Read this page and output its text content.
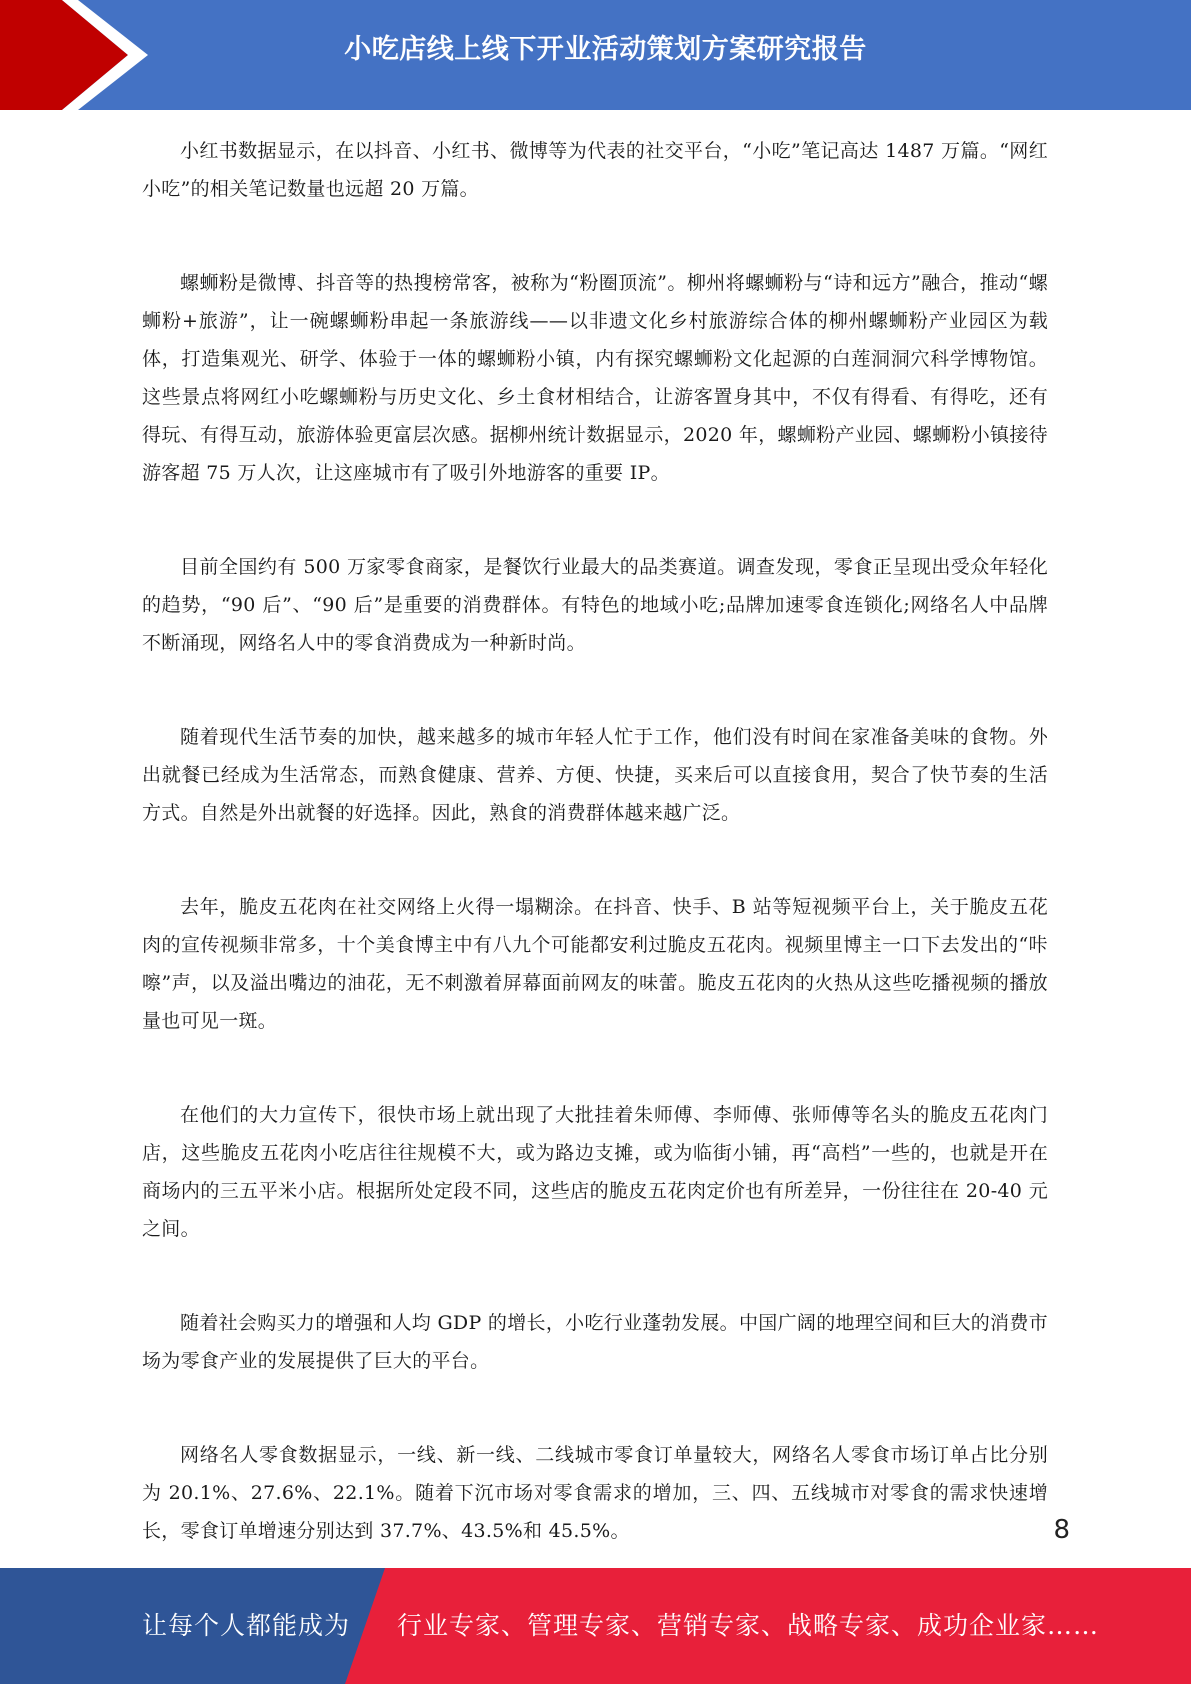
小吃店线上线下开业活动策划方案研究报告

小红书数据显示，在以抖音、小红书、微博等为代表的社交平台，“小吃”笔记高达 1487 万篇。“网红小吃”的相关笔记数量也远超 20 万篇。

螺蛳粉是微博、抖音等的热搜榜常客，被称为“粉圈顶流”。柳州将螺蛳粉与“诗和远方”融合，推动“螺蛳粉+旅游”，让一碗螺蛳粉串起一条旅游线——以非遗文化乡村旅游综合体的柳州螺蛳粉产业园区为载体，打造集观光、研学、体验于一体的螺蛳粉小镇，内有探究螺蛳粉文化起源的白莲洞洞穴科学博物馆。这些景点将网红小吃螺蛳粉与历史文化、乡土食材相结合，让游客置身其中，不仅有得看、有得吃，还有得玩、有得互动，旅游体验更富层次感。据柳州统计数据显示，2020 年，螺蛳粉产业园、螺蛳粉小镇接待游客超 75 万人次，让这座城市有了吸引外地游客的重要 IP。

目前全国约有 500 万家零食商家，是餐饮行业最大的品类赛道。调查发现，零食正呈现出受众年轻化的趋势，“90 后”、“90 后”是重要的消费群体。有特色的地域小吃;品牌加速零食连锁化;网络名人中品牌不断涌现，网络名人中的零食消费成为一种新时尚。

随着现代生活节奏的加快，越来越多的城市年轻人忙于工作，他们没有时间在家准备美味的食物。外出就餐已经成为生活常态，而熟食健康、营养、方便、快捷，买来后可以直接食用，契合了快节奏的生活方式。自然是外出就餐的好选择。因此，熟食的消费群体越来越广泛。

去年，脆皮五花肉在社交网络上火得一塌糊涂。在抖音、快手、B 站等短视频平台上，关于脆皮五花肉的宣传视频非常多，十个美食博主中有八九个可能都安利过脆皮五花肉。视频里博主一口下去发出的“咔嚓”声，以及溢出嘴边的油花，无不刺激着屏幕面前网友的味蕾。脆皮五花肉的火热从这些吃播视频的播放量也可见一斑。

在他们的大力宣传下，很快市场上就出现了大批挂着朱师傅、李师傅、张师傅等名头的脆皮五花肉门店，这些脆皮五花肉小吃店往往规模不大，或为路边支摊，或为临街小铺，再“高档”一些的，也就是开在商场内的三五平米小店。根据所处定段不同，这些店的脆皮五花肉定价也有所差异，一份往往在 20-40 元之间。

随着社会购买力的增强和人均 GDP 的增长，小吃行业蓬勃发展。中国广阔的地理空间和巨大的消费市场为零食产业的发展提供了巨大的平台。

网络名人零食数据显示，一线、新一线、二线城市零食订单量较大，网络名人零食市场订单占比分别为 20.1%、27.6%、22.1%。随着下沉市场对零食需求的增加，三、四、五线城市对零食的需求快速增长，零食订单增速分别达到 37.7%、43.5%和 45.5%。	8
让每个人都能成为 行业专家、管理专家、营销专家、战略专家、成功企业家……
